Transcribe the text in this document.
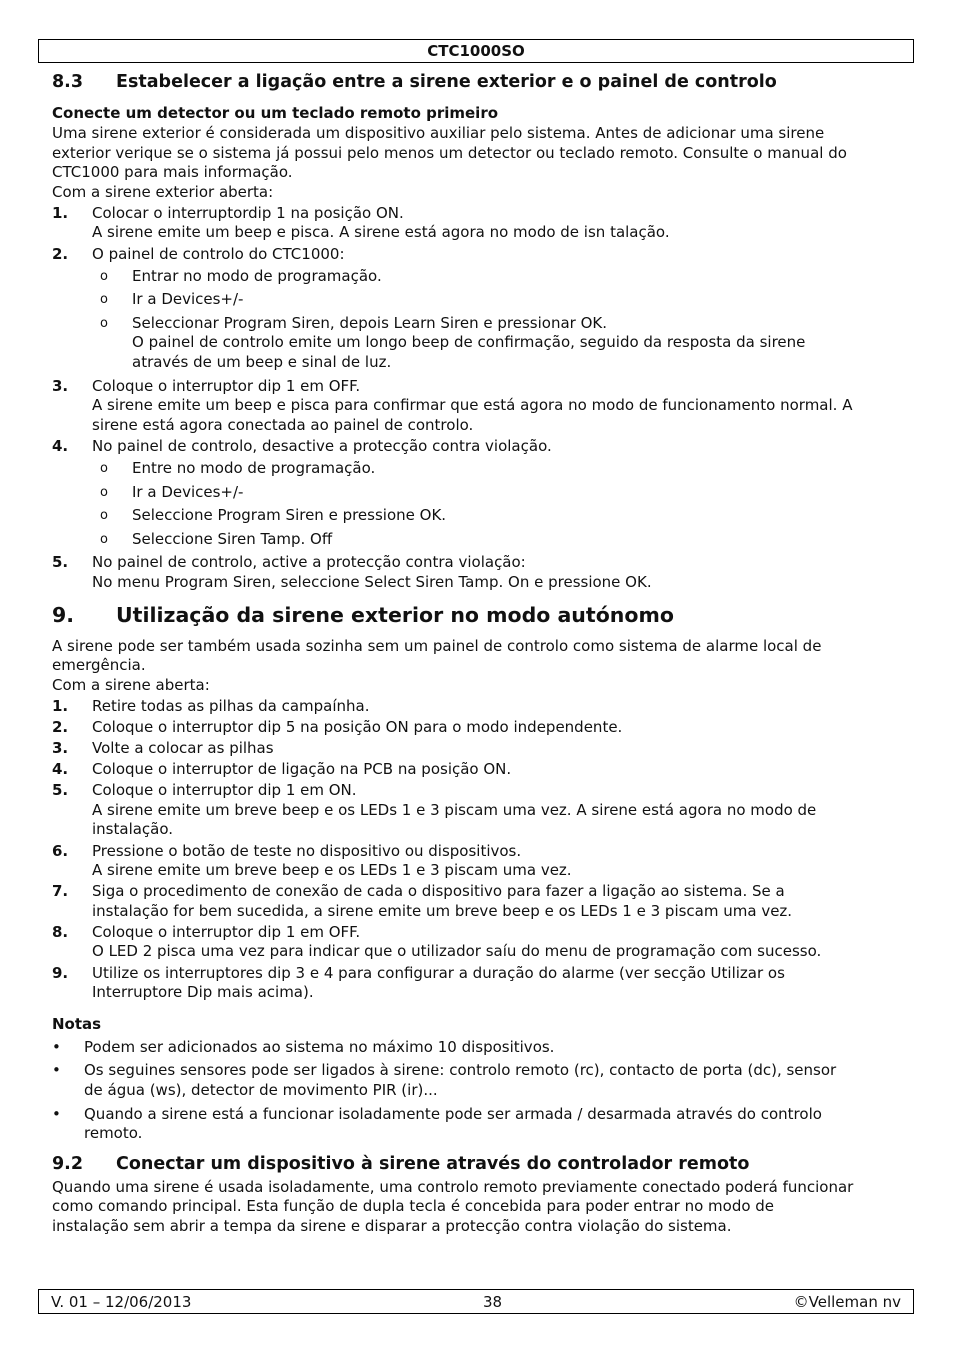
CTC1000SO
8.3	Estabelecer a ligação entre a sirene exterior e o painel de controlo
Conecte um detector ou um teclado remoto primeiro

Uma sirene exterior é considerada um dispositivo auxiliar pelo sistema. Antes de adicionar uma sirene

exterior verique se o sistema já possui pelo menos um detector ou teclado remoto. Consulte o manual do

CTC1000 para mais informação.

Com a sirene exterior aberta:

1.	Colocar o interruptordip 1 na posição ON.
A sirene emite um beep e pisca. A sirene está agora no modo de isn talação.
2.	O painel de controlo do CTC1000:
o	Entrar no modo de programação.
o	Ir a Devices+/-
o	Seleccionar Program Siren, depois Learn Siren e pressionar OK.
O painel de controlo emite um longo beep de confirmação, seguido da resposta da sirene
através de um beep e sinal de luz.
3.	Coloque o interruptor dip 1 em OFF.
A sirene emite um beep e pisca para confirmar que está agora no modo de funcionamento normal. A
sirene está agora conectada ao painel de controlo.
4.	No painel de controlo, desactive a protecção contra violação.
o	Entre no modo de programação.
o	Ir a Devices+/-
o	Seleccione Program Siren e pressione OK.
o	Seleccione Siren Tamp. Off
5.	No painel de controlo, active a protecção contra violação:
No menu Program Siren, seleccione Select Siren Tamp. On e pressione OK.
9.	Utilização da sirene exterior no modo autónomo

A sirene pode ser também usada sozinha sem um painel de controlo como sistema de alarme local de

emergência.

Com a sirene aberta:

1.	Retire todas as pilhas da campaínha.
2.	Coloque o interruptor dip 5 na posição ON para o modo independente.
3.	Volte a colocar as pilhas
4.	Coloque o interruptor de ligação na PCB na posição ON.
5.	Coloque o interruptor dip 1 em ON.
A sirene emite um breve beep e os LEDs 1 e 3 piscam uma vez. A sirene está agora no modo de
instalação.
6.	Pressione o botão de teste no dispositivo ou dispositivos.
A sirene emite um breve beep e os LEDs 1 e 3 piscam uma vez.
7.	Siga o procedimento de conexão de cada o dispositivo para fazer a ligação ao sistema. Se a
instalação for bem sucedida, a sirene emite um breve beep e os LEDs 1 e 3 piscam uma vez.
8.	Coloque o interruptor dip 1 em OFF.
O LED 2 pisca uma vez para indicar que o utilizador saíu do menu de programação com sucesso.
9.	Utilize os interruptores dip 3 e 4 para configurar a duração do alarme (ver secção Utilizar os
Interruptore Dip mais acima).
Notas
•	Podem ser adicionados ao sistema no máximo 10 dispositivos.
•	Os seguines sensores pode ser ligados à sirene: controlo remoto (rc), contacto de porta (dc), sensor
de água (ws), detector de movimento PIR (ir)...
•	Quando a sirene está a funcionar isoladamente pode ser armada / desarmada através do controlo
remoto.
9.2	Conectar um dispositivo à sirene através do controlador remoto

Quando uma sirene é usada isoladamente, uma controlo remoto previamente conectado poderá funcionar

como comando principal. Esta função de dupla tecla é concebida para poder entrar no modo de

instalação sem abrir a tempa da sirene e disparar a protecção contra violação do sistema.

V. 01 – 12/06/2013	38	©Velleman nv
